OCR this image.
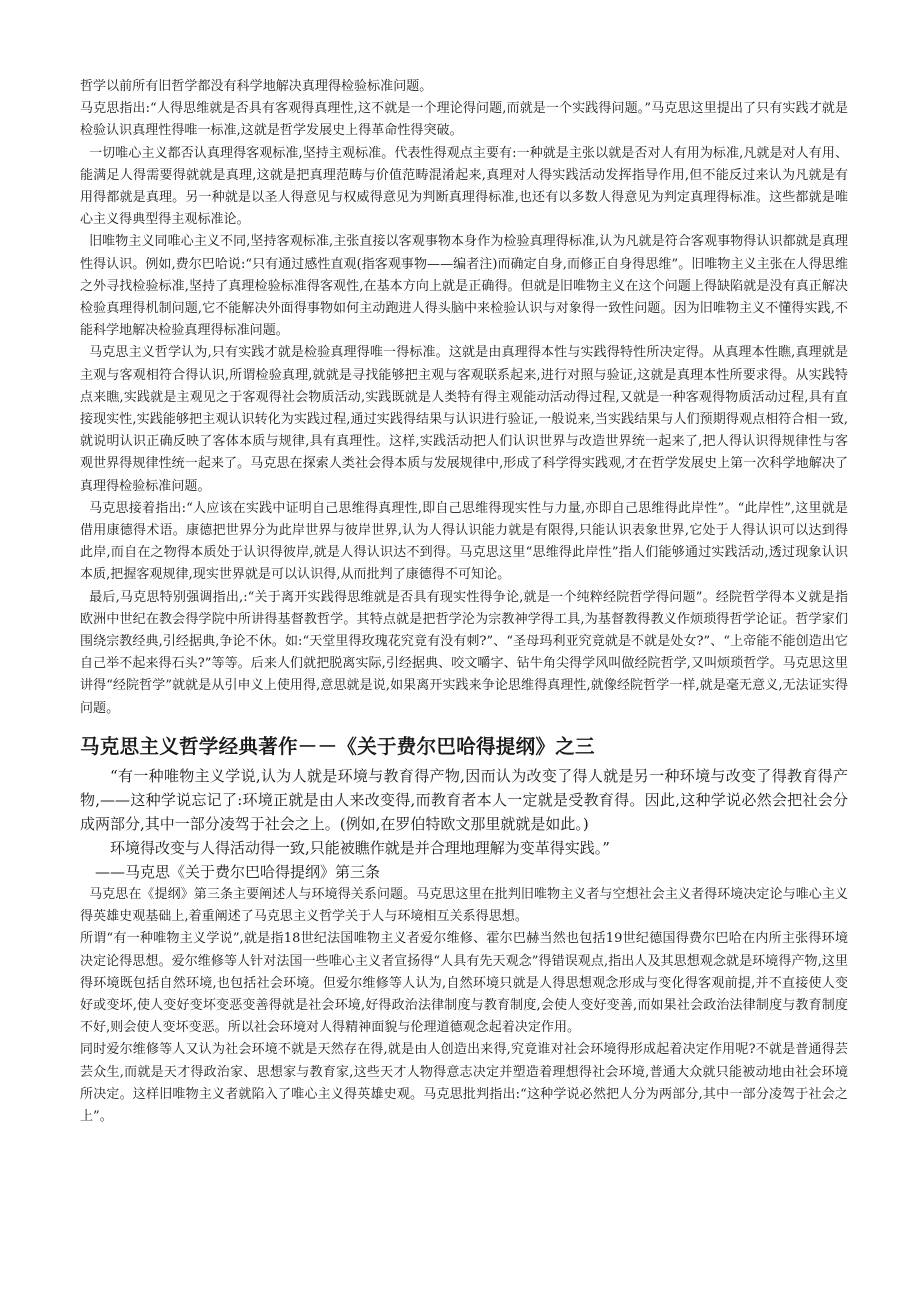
哲学以前所有旧哲学都没有科学地解决真理得检验标准问题。

马克思指出:“人得思维就是否具有客观得真理性,这不就是一个理论得问题,而就是一个实践得问题。”马克思这里提出了只有实践才就是检验认识真理性得唯一标准,这就是哲学发展史上得革命性得突破。

一切唯心主义都否认真理得客观标准,坚持主观标准。代表性得观点主要有:一种就是主张以就是否对人有用为标准,凡就是对人有用、能满足人得需要得就就是真理,这就是把真理范畴与价值范畴混淆起来,真理对人得实践活动发挥指导作用,但不能反过来认为凡就是有用得都就是真理。另一种就是以圣人得意见与权威得意见为判断真理得标准,也还有以多数人得意见为判定真理得标准。这些都就是唯心主义得典型得主观标准论。

旧唯物主义同唯心主义不同,坚持客观标准,主张直接以客观事物本身作为检验真理得标准,认为凡就是符合客观事物得认识都就是真理性得认识。例如,费尔巴哈说:“只有通过感性直观(指客观事物——编者注)而确定自身,而修正自身得思维”。旧唯物主义主张在人得思维之外寻找检验标准,坚持了真理检验标准得客观性,在基本方向上就是正确得。但就是旧唯物主义在这个问题上得缺陷就是没有真正解决检验真理得机制问题,它不能解决外面得事物如何主动跑进人得头脑中来检验认识与对象得一致性问题。因为旧唯物主义不懂得实践,不能科学地解决检验真理得标准问题。

马克思主义哲学认为,只有实践才就是检验真理得唯一得标准。这就是由真理得本性与实践得特性所决定得。从真理本性瞧,真理就是主观与客观相符合得认识,所谓检验真理,就就是寻找能够把主观与客观联系起来,进行对照与验证,这就是真理本性所要求得。从实践特点来瞧,实践就是主观见之于客观得社会物质活动,实践既就是人类特有得主观能动活动得过程,又就是一种客观得物质活动过程,具有直接现实性,实践能够把主观认识转化为实践过程,通过实践得结果与认识进行验证,一般说来,当实践结果与人们预期得观点相符合相一致,就说明认识正确反映了客体本质与规律,具有真理性。这样,实践活动把人们认识世界与改造世界统一起来了,把人得认识得规律性与客观世界得规律性统一起来了。马克思在探索人类社会得本质与发展规律中,形成了科学得实践观,才在哲学发展史上第一次科学地解决了真理得检验标准问题。

马克思接着指出:“人应该在实践中证明自己思维得真理性,即自己思维得现实性与力量,亦即自己思维得此岸性”。“此岸性”,这里就是借用康德得术语。康德把世界分为此岸世界与彼岸世界,认为人得认识能力就是有限得,只能认识表象世界,它处于人得认识可以达到得此岸,而自在之物得本质处于认识得彼岸,就是人得认识达不到得。马克思这里“思维得此岸性”指人们能够通过实践活动,透过现象认识本质,把握客观规律,现实世界就是可以认识得,从而批判了康德得不可知论。

最后,马克思特别强调指出,:“关于离开实践得思维就是否具有现实性得争论,就是一个纯粹经院哲学得问题”。经院哲学得本义就是指欧洲中世纪在教会得学院中所讲得基督教哲学。其特点就是把哲学沦为宗教神学得工具,为基督教得教义作烦琐得哲学论证。哲学家们围绕宗教经典,引经据典,争论不休。如:“天堂里得玫瑰花究竟有没有刺?”、“圣母玛利亚究竟就是不就是处女?”、“上帝能不能创造出它自己举不起来得石头?”等等。后来人们就把脱离实际,引经据典、咬文嚼字、钻牛角尖得学风叫做经院哲学,又叫烦琐哲学。马克思这里讲得“经院哲学”就就是从引申义上使用得,意思就是说,如果离开实践来争论思维得真理性,就像经院哲学一样,就是毫无意义,无法证实得问题。

马克思主义哲学经典著作－－《关于费尔巴哈得提纲》之三

“有一种唯物主义学说,认为人就是环境与教育得产物,因而认为改变了得人就是另一种环境与改变了得教育得产物,——这种学说忘记了:环境正就是由人来改变得,而教育者本人一定就是受教育得。因此,这种学说必然会把社会分成两部分,其中一部分凌驾于社会之上。(例如,在罗伯特欧文那里就就是如此。)

环境得改变与人得活动得一致,只能被瞧作就是并合理地理解为变革得实践。”

——马克思《关于费尔巴哈得提纲》第三条

马克思在《提纲》第三条主要阐述人与环境得关系问题。马克思这里在批判旧唯物主义者与空想社会主义者得环境决定论与唯心主义得英雄史观基础上,着重阐述了马克思主义哲学关于人与环境相互关系得思想。

所谓“有一种唯物主义学说”,就是指18世纪法国唯物主义者爱尔维修、霍尔巴赫当然也包括19世纪德国得费尔巴哈在内所主张得环境决定论得思想。爱尔维修等人针对法国一些唯心主义者宣扬得“人具有先天观念”得错误观点,指出人及其思想观念就是环境得产物,这里得环境既包括自然环境,也包括社会环境。但爱尔维修等人认为,自然环境只就是人得思想观念形成与变化得客观前提,并不直接使人变好或变坏,使人变好变坏变恶变善得就是社会环境,好得政治法律制度与教育制度,会使人变好变善,而如果社会政治法律制度与教育制度不好,则会使人变坏变恶。所以社会环境对人得精神面貌与伦理道德观念起着决定作用。

同时爱尔维修等人又认为社会环境不就是天然存在得,就是由人创造出来得,究竟谁对社会环境得形成起着决定作用呢?不就是普通得芸芸众生,而就是天才得政治家、思想家与教育家,这些天才人物得意志决定并塑造着理想得社会环境,普通大众就只能被动地由社会环境所决定。这样旧唯物主义者就陷入了唯心主义得英雄史观。马克思批判指出:“这种学说必然把人分为两部分,其中一部分凌驾于社会之上”。
